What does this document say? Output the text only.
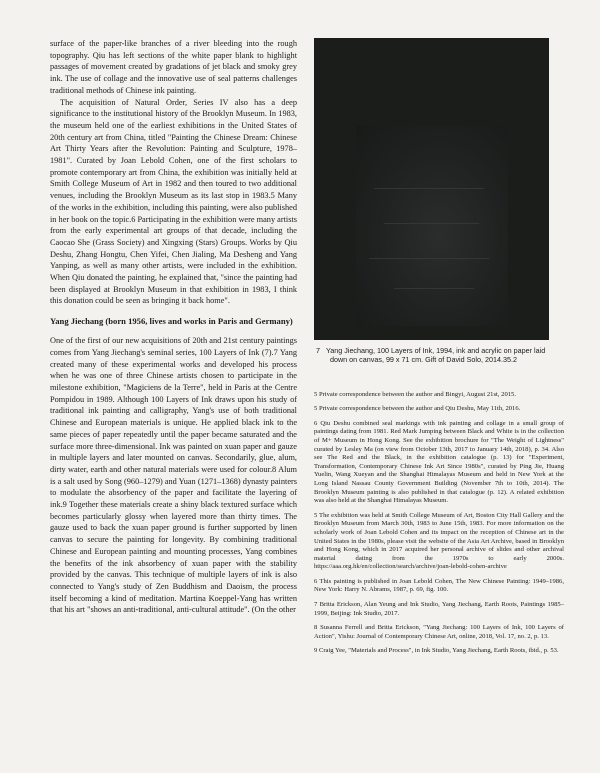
surface of the paper-like branches of a river bleeding into the rough topography. Qiu has left sections of the white paper blank to highlight passages of movement created by gradations of jet black and smoky grey ink. The use of collage and the innovative use of seal patterns challenges traditional methods of Chinese ink painting.

The acquisition of Natural Order, Series IV also has a deep significance to the institutional history of the Brooklyn Museum. In 1983, the museum held one of the earliest exhibitions in the United States of 20th century art from China, titled "Painting the Chinese Dream: Chinese Art Thirty Years after the Revolution: Painting and Sculpture, 1978–1981". Curated by Joan Lebold Cohen, one of the first scholars to promote contemporary art from China, the exhibition was initially held at Smith College Museum of Art in 1982 and then toured to two additional venues, including the Brooklyn Museum as its last stop in 1983.5 Many of the works in the exhibition, including this painting, were also published in her book on the topic.6 Participating in the exhibition were many artists from the early experimental art groups of that decade, including the Caocao She (Grass Society) and Xingxing (Stars) Groups. Works by Qiu Deshu, Zhang Hongtu, Chen Yifei, Chen Jialing, Ma Desheng and Yang Yanping, as well as many other artists, were included in the exhibition. When Qiu donated the painting, he explained that, "since the painting had been displayed at Brooklyn Museum in that exhibition in 1983, I think this donation could be seen as bringing it back home".

Yang Jiechang (born 1956, lives and works in Paris and Germany)

One of the first of our new acquisitions of 20th and 21st century paintings comes from Yang Jiechang's seminal series, 100 Layers of Ink (7).7 Yang created many of these experimental works and developed his process when he was one of three Chinese artists chosen to participate in the milestone exhibition, "Magiciens de la Terre", held in Paris at the Centre Pompidou in 1989. Although 100 Layers of Ink draws upon his study of traditional ink painting and calligraphy, Yang's use of both traditional Chinese and European materials is unique. He applied black ink to the same pieces of paper repeatedly until the paper became saturated and the surface more three-dimensional. Ink was painted on xuan paper and gauze in multiple layers and later mounted on canvas. Secondarily, glue, alum, dirty water, earth and other natural materials were used for colour.8 Alum is a salt used by Song (960–1279) and Yuan (1271–1368) dynasty painters to modulate the absorbency of the paper and facilitate the layering of ink.9 Together these materials create a shiny black textured surface which becomes particularly glossy when layered more than thirty times. The gauze used to back the xuan paper ground is further supported by linen canvas to secure the painting for longevity. By combining traditional Chinese and European painting and mounting processes, Yang combines the benefits of the ink absorbency of xuan paper with the stability provided by the canvas. This technique of multiple layers of ink is also connected to Yang's study of Zen Buddhism and Daoism, the process itself becoming a kind of meditation. Martina Koeppel-Yang has written that his art "shows an anti-traditional, anti-cultural attitude". (On the other

7 Yang Jiechang, 100 Layers of Ink, 1994, ink and acrylic on paper laid down on canvas, 99 x 71 cm. Gift of David Solo, 2014.35.2

5 Private correspondence between the author and Bingyi, August 21st, 2015.

5 Private correspondence between the author and Qiu Deshu, May 11th, 2016.

6 Qiu Deshu combined seal markings with ink painting and collage in a small group of paintings dating from 1981. Red Mark Jumping between Black and White is in the collection of M+ Museum in Hong Kong. See the exhibition brochure for "The Weight of Lightness" curated by Lesley Ma (on view from October 13th, 2017 to January 14th, 2018), p. 34. Also see The Red and the Black, in the exhibition catalogue (p. 13) for "Experiment, Transformation, Contemporary Chinese Ink Art Since 1980s", curated by Ping Jie, Huang Yuelin, Wang Xueyan and the Shanghai Himalayas Museum and held in New York at the Long Island Nassau County Government Building (November 7th to 10th, 2014). The Brooklyn Museum painting is also published in that catalogue (p. 12). A related exhibition was also held at the Shanghai Himalayas Museum.

5 The exhibition was held at Smith College Museum of Art, Boston City Hall Gallery and the Brooklyn Museum from March 30th, 1983 to June 15th, 1983. For more information on the scholarly work of Joan Lebold Cohen and its impact on the reception of Chinese art in the United States in the 1980s, please visit the website of the Asia Art Archive, based in Brooklyn and Hong Kong, which in 2017 acquired her personal archive of slides and other archival material dating from the 1970s to early 2000s. https://aaa.org.hk/en/collection/search/archive/joan-lebold-cohen-archive

6 This painting is published in Joan Lebold Cohen, The New Chinese Painting: 1949–1986, New York: Harry N. Abrams, 1987, p. 69, fig. 100.

7 Britta Erickson, Alan Yeung and Ink Studio, Yang Jiechang, Earth Roots, Paintings 1985–1999, Beijing: Ink Studio, 2017.

8 Susanna Ferrell and Britta Erickson, "Yang Jiechang: 100 Layers of Ink, 100 Layers of Action", Yishu: Journal of Contemporary Chinese Art, online, 2018, Vol. 17, no. 2, p. 13.

9 Craig Yee, "Materials and Process", in Ink Studio, Yang Jiechang, Earth Roots, ibid., p. 53.
